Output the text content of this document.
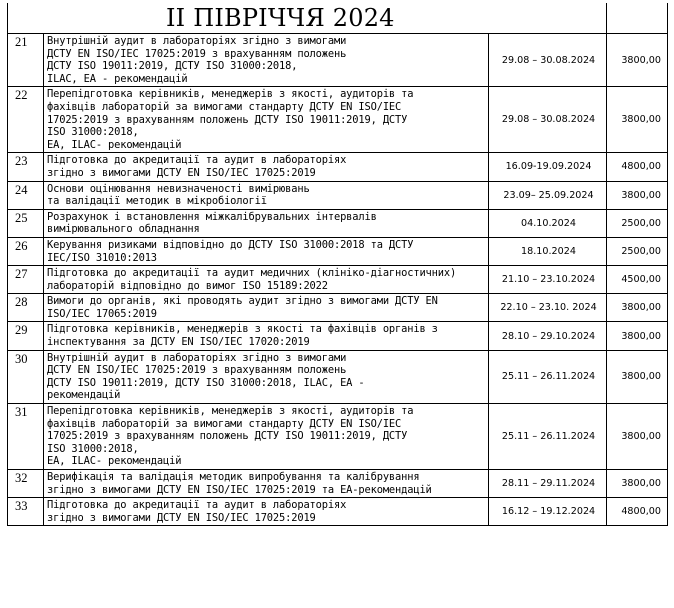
ІІ ПІВРІЧЧЯ 2024			

21	Внутрішній аудит в лабораторіях згідно з вимогами
ДСТУ EN ISO/IEC 17025:2019 з врахуванням положень
ДСТУ ISO 19011:2019, ДСТУ ISO 31000:2018,
ILAC, EA - рекомендацій	29.08 – 30.08.2024	3800,00
22	Перепідготовка керівників, менеджерів з якості, аудиторів та
фахівців лабораторій за вимогами стандарту ДСТУ EN ISO/IEC
17025:2019 з врахуванням положень ДСТУ ISO 19011:2019, ДСТУ
ISO 31000:2018,
EA, ILAC- рекомендацій	29.08 – 30.08.2024	3800,00
23	Підготовка до акредитації та аудит в лабораторіях
згідно з вимогами ДСТУ EN ISO/IEC 17025:2019	16.09-19.09.2024	4800,00
24	Основи оцінювання невизначеності вимірювань
та валідації методик в мікробіології	23.09– 25.09.2024	3800,00
25	Розрахунок і встановлення міжкалібрувальних інтервалів
вимірювального обладнання	04.10.2024	2500,00
26	Керування ризиками відповідно до ДСТУ ISO 31000:2018 та ДСТУ
IEC/ISO 31010:2013	18.10.2024	2500,00
27	Підготовка до акредитації та аудит медичних (клініко-діагностичних)
лабораторій відповідно до вимог ISO 15189:2022	21.10 – 23.10.2024	4500,00
28	Вимоги до органів, які проводять аудит згідно з вимогами ДСТУ EN
ISO/IEC 17065:2019	22.10 – 23.10. 2024	3800,00
29	Підготовка керівників, менеджерів з якості та фахівців органів з
інспектування за ДСТУ EN ISO/IEC 17020:2019	28.10 – 29.10.2024	3800,00
30	Внутрішній аудит в лабораторіях згідно з вимогами
ДСТУ EN ISO/IEC 17025:2019 з врахуванням положень
ДСТУ ISO 19011:2019, ДСТУ ISO 31000:2018, ILAC, EA -
рекомендацій	25.11 – 26.11.2024	3800,00
31	Перепідготовка керівників, менеджерів з якості, аудиторів та
фахівців лабораторій за вимогами стандарту ДСТУ EN ISO/IEC
17025:2019 з врахуванням положень ДСТУ ISO 19011:2019, ДСТУ
ISO 31000:2018,
EA, ILAC- рекомендацій	25.11 – 26.11.2024	3800,00
32	Верифікація та валідація методик випробування та калібрування
згідно з вимогами ДСТУ EN ISO/IEC 17025:2019 та EA-рекомендацій	28.11 – 29.11.2024	3800,00
33	Підготовка до акредитації та аудит в лабораторіях
згідно з вимогами ДСТУ EN ISO/IEC 17025:2019	16.12 – 19.12.2024	4800,00
